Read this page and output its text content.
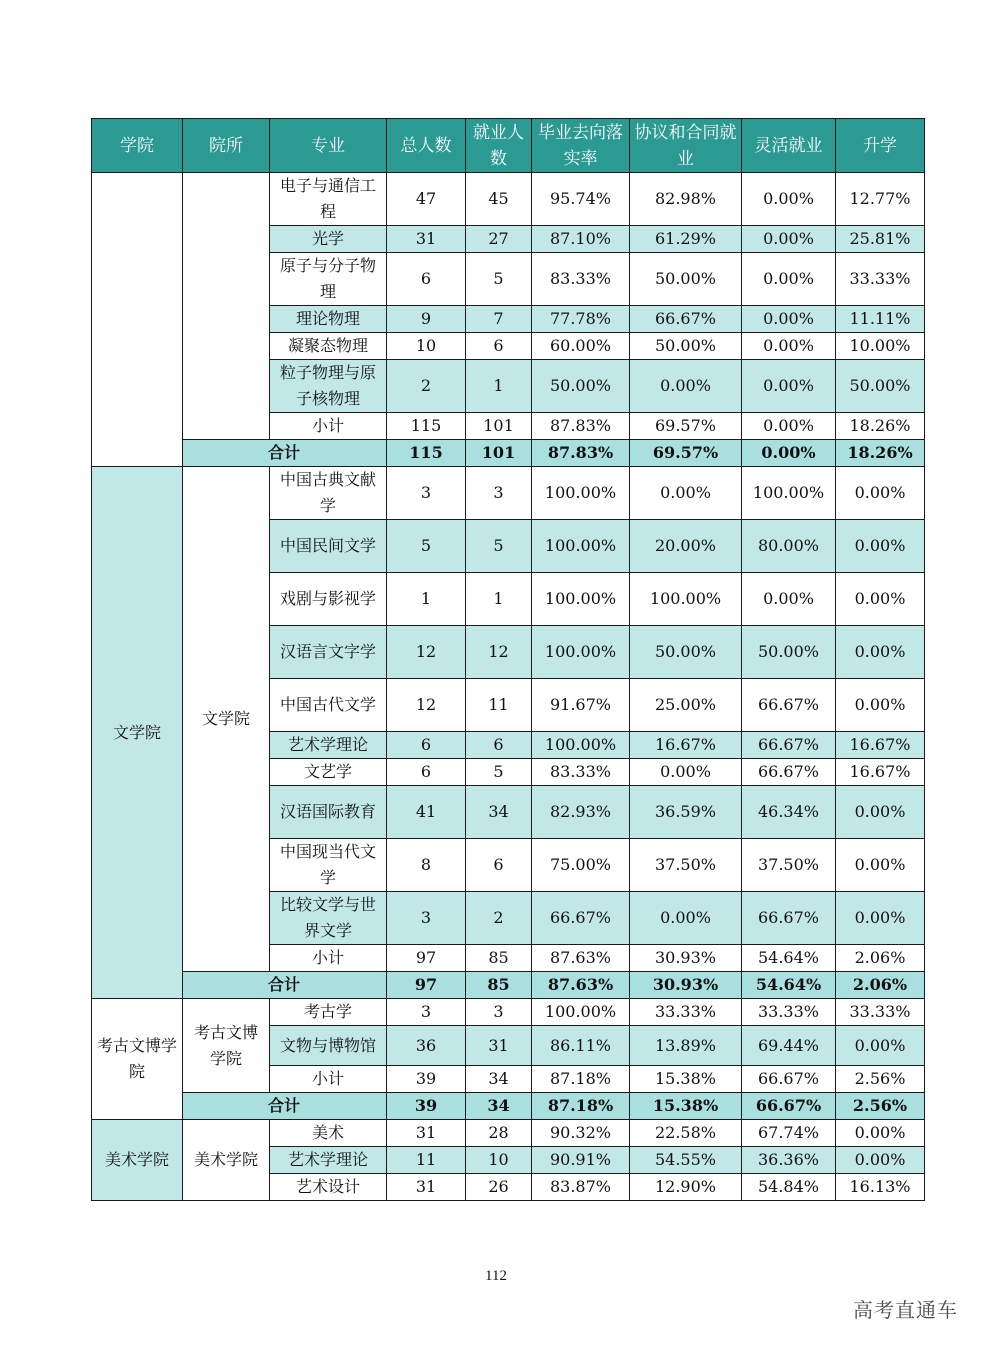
学院	院所	专业	总人数	就业人数	毕业去向落实率	协议和合同就业	灵活就业	升学
		电子与通信工程	47	45	95.74%	82.98%	0.00%	12.77%
		光学	31	27	87.10%	61.29%	0.00%	25.81%
		原子与分子物理	6	5	83.33%	50.00%	0.00%	33.33%
		理论物理	9	7	77.78%	66.67%	0.00%	11.11%
		凝聚态物理	10	6	60.00%	50.00%	0.00%	10.00%
		粒子物理与原子核物理	2	1	50.00%	0.00%	0.00%	50.00%
		小计	115	101	87.83%	69.57%	0.00%	18.26%
	合计		115	101	87.83%	69.57%	0.00%	18.26%
文学院	文学院	中国古典文献学	3	3	100.00%	0.00%	100.00%	0.00%
		中国民间文学	5	5	100.00%	20.00%	80.00%	0.00%
		戏剧与影视学	1	1	100.00%	100.00%	0.00%	0.00%
		汉语言文字学	12	12	100.00%	50.00%	50.00%	0.00%
		中国古代文学	12	11	91.67%	25.00%	66.67%	0.00%
		艺术学理论	6	6	100.00%	16.67%	66.67%	16.67%
		文艺学	6	5	83.33%	0.00%	66.67%	16.67%
		汉语国际教育	41	34	82.93%	36.59%	46.34%	0.00%
		中国现当代文学	8	6	75.00%	37.50%	37.50%	0.00%
		比较文学与世界文学	3	2	66.67%	0.00%	66.67%	0.00%
		小计	97	85	87.63%	30.93%	54.64%	2.06%
	合计		97	85	87.63%	30.93%	54.64%	2.06%
考古文博学院	考古文博学院	考古学	3	3	100.00%	33.33%	33.33%	33.33%
		文物与博物馆	36	31	86.11%	13.89%	69.44%	0.00%
		小计	39	34	87.18%	15.38%	66.67%	2.56%
	合计		39	34	87.18%	15.38%	66.67%	2.56%
美术学院	美术学院	美术	31	28	90.32%	22.58%	67.74%	0.00%
		艺术学理论	11	10	90.91%	54.55%	36.36%	0.00%
		艺术设计	31	26	83.87%	12.90%	54.84%	16.13%
112
高考直通车
